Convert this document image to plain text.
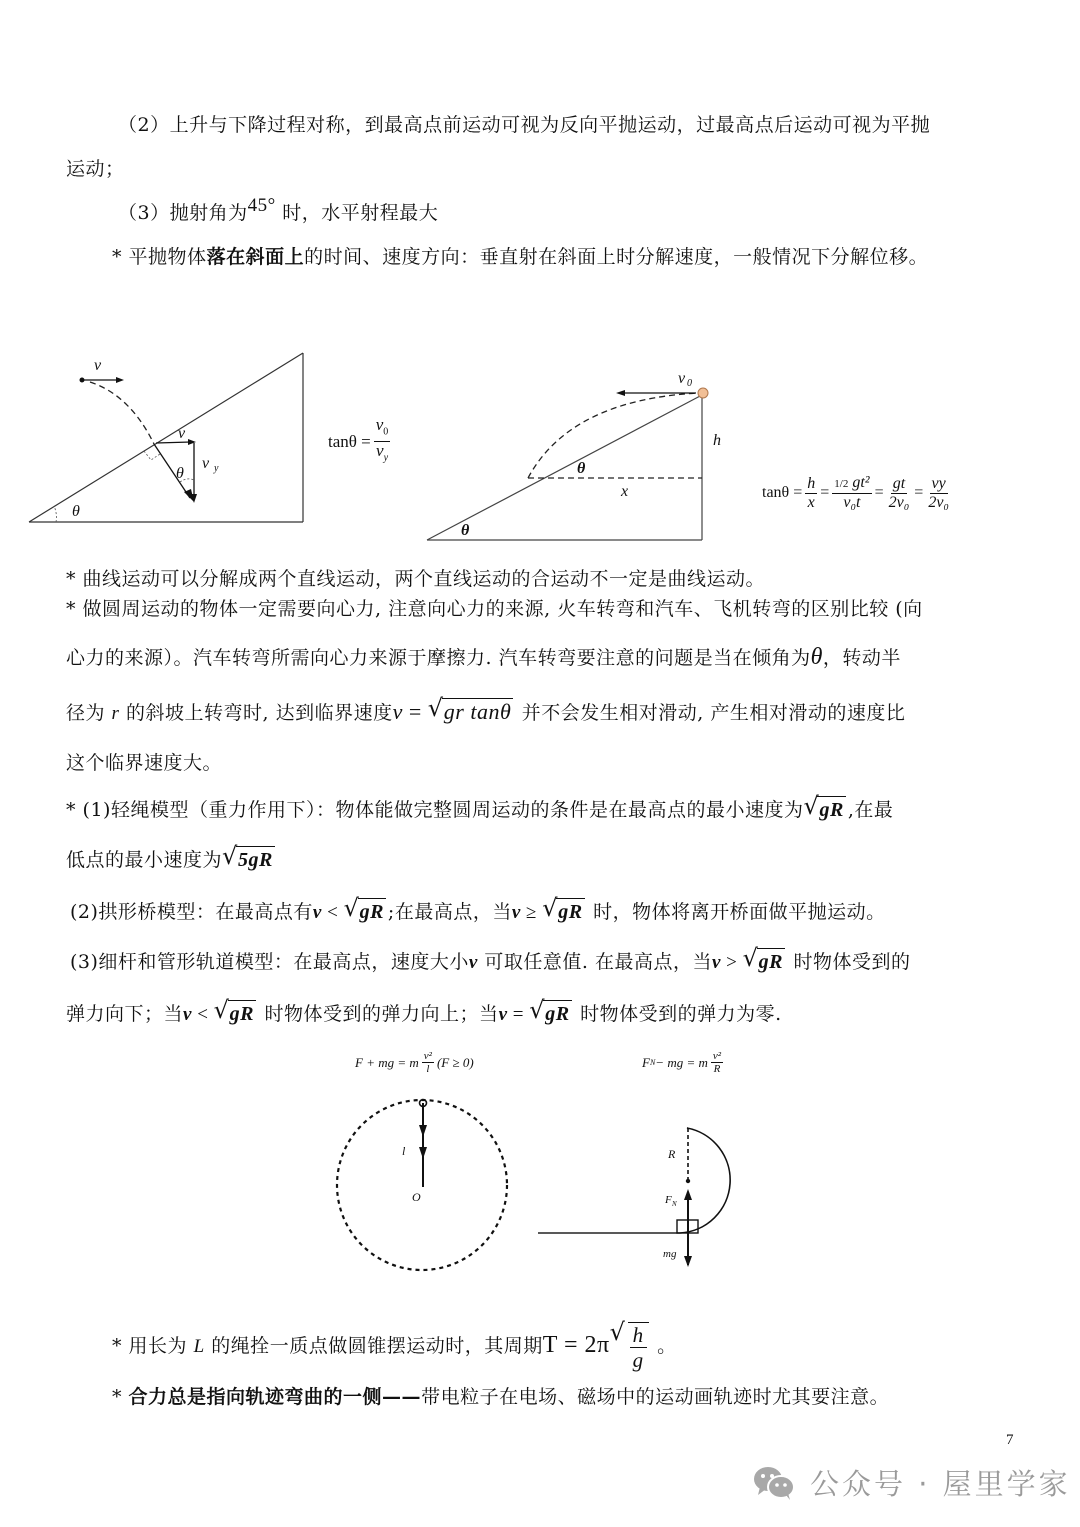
（2）上升与下降过程对称，到最高点前运动可视为反向平抛运动，过最高点后运动可视为平抛
运动；
（3）抛射角为45° 时，水平射程最大
* 平抛物体落在斜面上的时间、速度方向：垂直射在斜面上时分解速度，一般情况下分解位移。
v
v
v y
θ
θ
$\tan\theta = \frac{v_0}{v_y}$
v 0
h
x
θ
θ
$\tan\theta = \frac{h}{x} = \frac{\text{1/2 gt²}}{\text{v₀t}} = \frac{gt}{\text{2v₀}} = \frac{vy}{\text{2v₀}}$
* 曲线运动可以分解成两个直线运动，两个直线运动的合运动不一定是曲线运动。
* 做圆周运动的物体一定需要向心力, 注意向心力的来源, 火车转弯和汽车、飞机转弯的区别比较 (向
心力的来源）。汽车转弯所需向心力来源于摩擦力. 汽车转弯要注意的问题是当在倾角为θ，转动半
径为 r 的斜坡上转弯时, 达到临界速度v = √ gr tanθ 并不会发生相对滑动, 产生相对滑动的速度比
这个临界速度大。
* (1)轻绳模型（重力作用下）：物体能做完整圆周运动的条件是在最高点的最小速度为 √ gR ,在最
低点的最小速度为 √ 5gR
(2)拱形桥模型：在最高点有v < √ gR ;在最高点，当v ≥ √ gR 时，物体将离开桥面做平抛运动。
(3)细杆和管形轨道模型：在最高点，速度大小v 可取任意值. 在最高点，当v > √ gR 时物体受到的
弹力向下；当v < √ gR 时物体受到的弹力向上；当v = √ gR 时物体受到的弹力为零.
F + mg = m $\frac{\text{v²}}{l} (F \ge 0)$
l
O
F N − mg = m $\frac{\text{v²}}{R}$
R
F N
mg
* 用长为 L 的绳拴一质点做圆锥摆运动时，其周期T = 2π √ $\frac{h}{g}$ 。
* 合力总是指向轨迹弯曲的一侧——带电粒子在电场、磁场中的运动画轨迹时尤其要注意。
7
公众号 · 屋里学家
